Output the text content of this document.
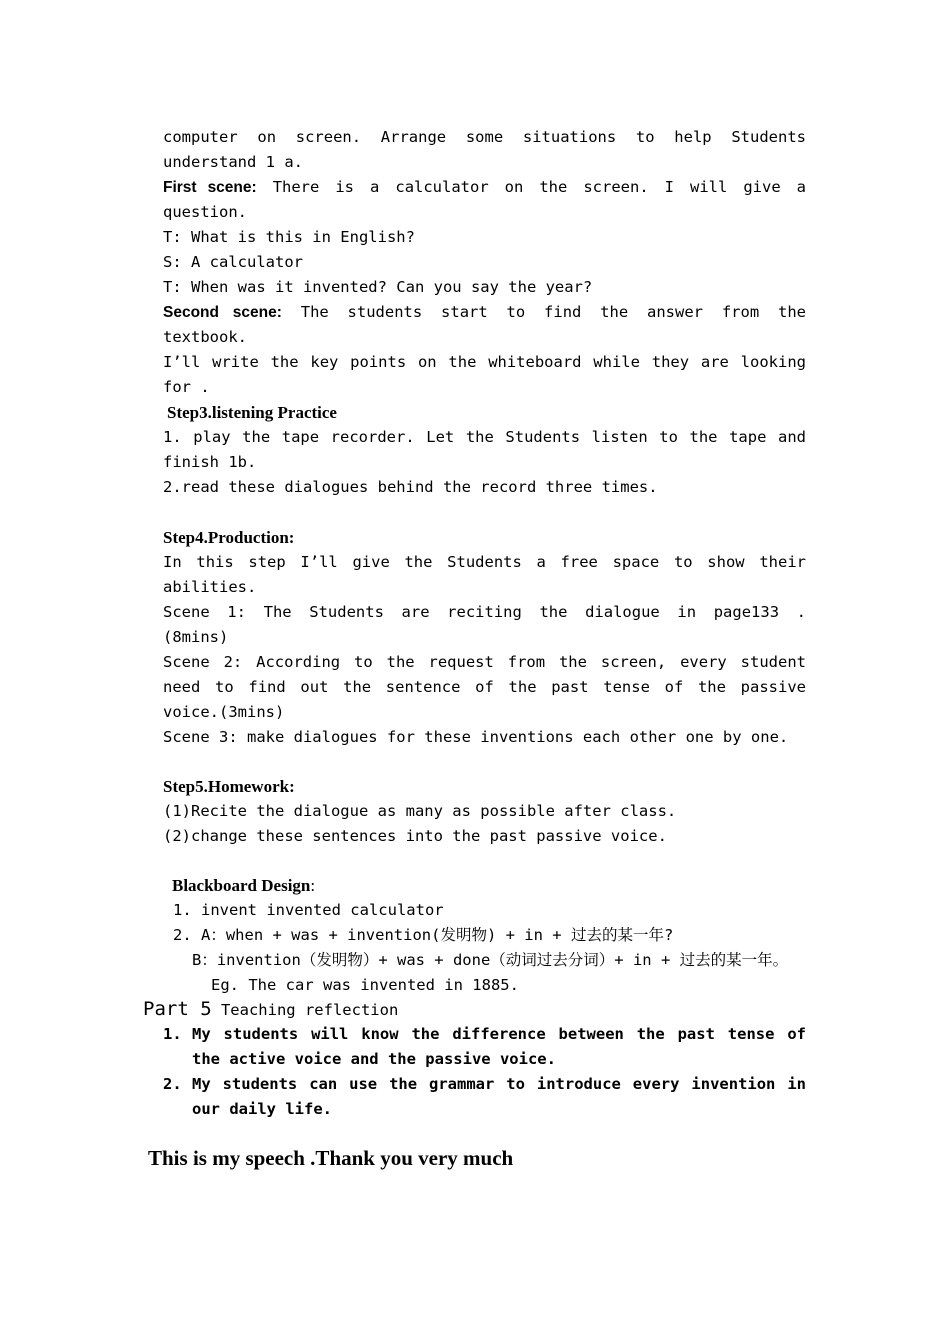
computer on screen. Arrange some situations to help Students
understand 1 a.
First scene: There is a calculator on the screen. I will give a
question.
T: What is this in English?
S: A calculator
T: When was it invented? Can you say the year?
Second scene: The students start to find the answer from the
textbook.
I’ll write the key points on the whiteboard while they are looking
for .
Step3.listening Practice
1. play the tape recorder. Let the Students listen to the tape and
finish 1b.
2.read these dialogues behind the record three times.
Step4.Production:
In this step I’ll give the Students a free space to show their
abilities.
Scene 1: The Students are reciting the dialogue in page133 .
(8mins)
Scene 2: According to the request from the screen, every student
need to find out the sentence of the past tense of the passive
voice.(3mins)
Scene 3: make dialogues for these inventions each other one by one.
Step5.Homework:
(1)Recite the dialogue as many as possible after class.
(2)change these sentences into the past passive voice.
Blackboard Design:
1. invent invented calculator
2. A：when + was + invention(发明物) + in + 过去的某一年?
B：invention（发明物）+ was + done（动词过去分词）+ in + 过去的某一年。
Eg. The car was invented in 1885.
Part 5 Teaching reflection
1. My students will know the difference between the past tense of
the active voice and the passive voice.
2. My students can use the grammar to introduce every invention in
our daily life.
This is my speech .Thank you very much
